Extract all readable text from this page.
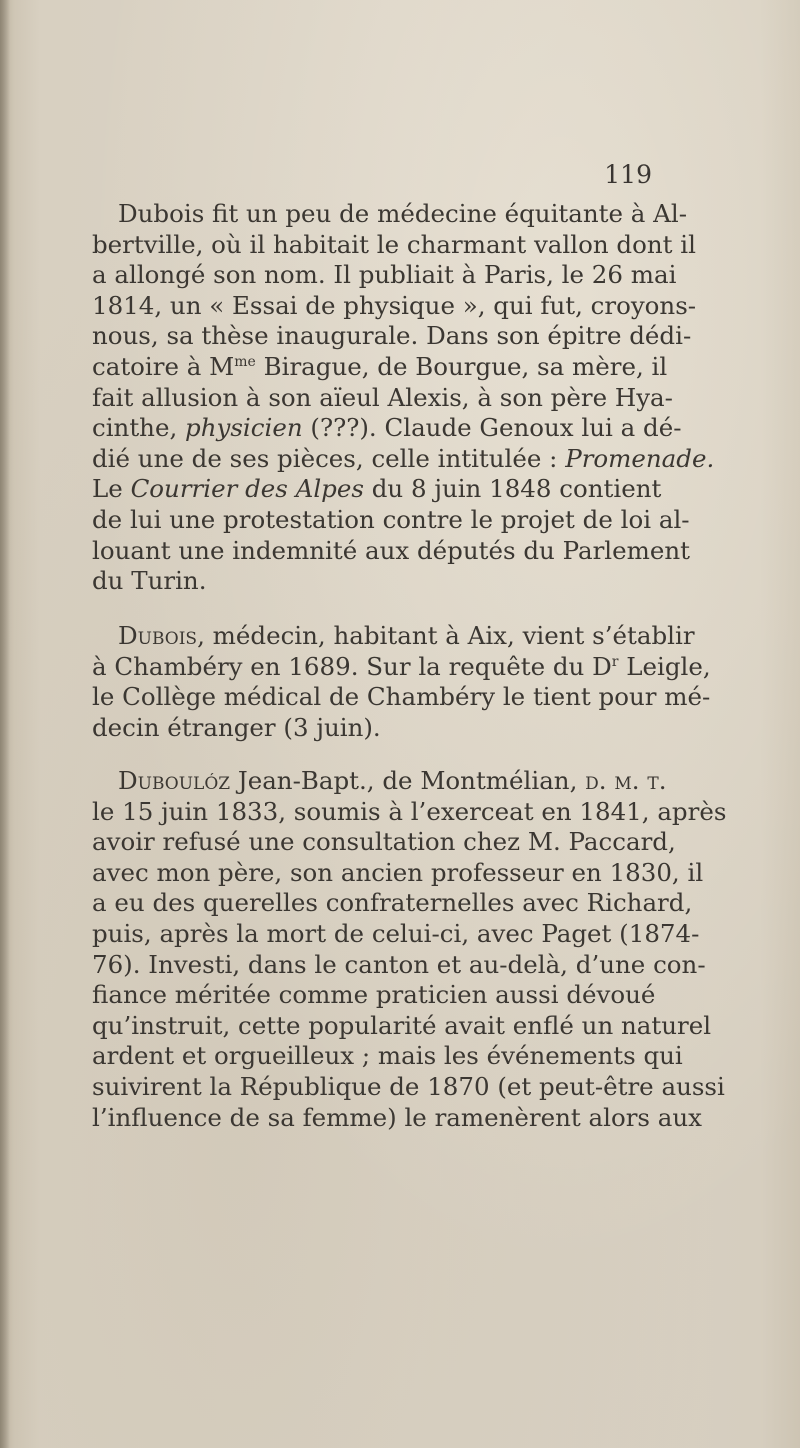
119

Dubois fit un peu de médecine équitante à Al-
bertville, où il habitait le charmant vallon dont il
a allongé son nom. Il publiait à Paris, le 26 mai
1814, un « Essai de physique », qui fut, croyons-
nous, sa thèse inaugurale. Dans son épitre dédi-
catoire à $M^{me}$ Birague, de Bourgue, sa mère, il
fait allusion à son aïeul Alexis, à son père Hya-
cinthe, physicien (???). Claude Genoux lui a dé-
dié une de ses pièces, celle intitulée : Promenade.
Le Courrier des Alpes du 8 juin 1848 contient
de lui une protestation contre le projet de loi al-
louant une indemnité aux députés du Parlement
du Turin.
Dubois, médecin, habitant à Aix, vient s’établir
à Chambéry en 1689. Sur la requête du $D^r$ Leigle,
le Collège médical de Chambéry le tient pour mé-
decin étranger (3 juin).
Duboulóz Jean-Bapt., de Montmélian, d. m. t.
le 15 juin 1833, soumis à l’exerceat en 1841, après
avoir refusé une consultation chez M. Paccard,
avec mon père, son ancien professeur en 1830, il
a eu des querelles confraternelles avec Richard,
puis, après la mort de celui-ci, avec Paget (1874-
76). Investi, dans le canton et au-delà, d’une con-
fiance méritée comme praticien aussi dévoué
qu’instruit, cette popularité avait enflé un naturel
ardent et orgueilleux ; mais les événements qui
suivirent la République de 1870 (et peut-être aussi
l’influence de sa femme) le ramenèrent alors aux
